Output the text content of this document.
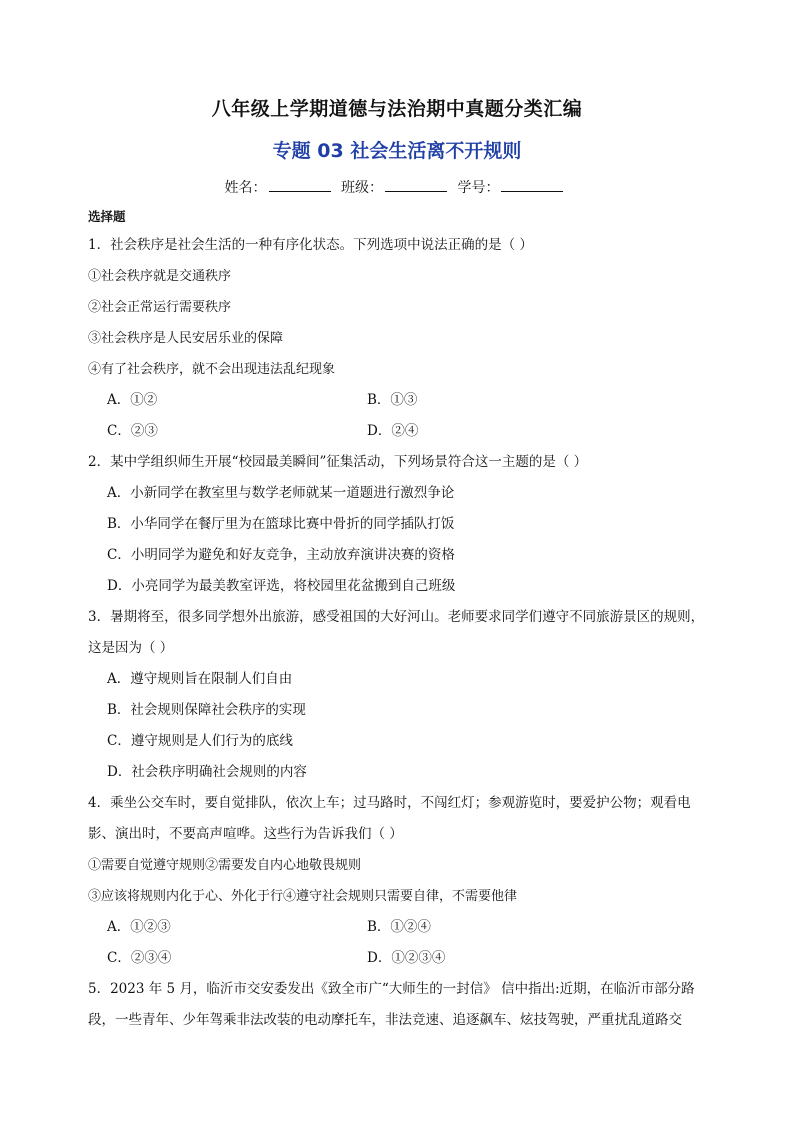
八年级上学期道德与法治期中真题分类汇编
专题 03 社会生活离不开规则
姓名：	班级：	学号：
选择题
1．社会秩序是社会生活的一种有序化状态。下列选项中说法正确的是（ ）
①社会秩序就是交通秩序
②社会正常运行需要秩序
③社会秩序是人民安居乐业的保障
④有了社会秩序，就不会出现违法乱纪现象
A．①②	B．①③
C．②③	D．②④
2．某中学组织师生开展“校园最美瞬间”征集活动，下列场景符合这一主题的是（ ）
A．小新同学在教室里与数学老师就某一道题进行激烈争论
B．小华同学在餐厅里为在篮球比赛中骨折的同学插队打饭
C．小明同学为避免和好友竞争，主动放弃演讲决赛的资格
D．小亮同学为最美教室评选，将校园里花盆搬到自己班级
3．暑期将至，很多同学想外出旅游，感受祖国的大好河山。老师要求同学们遵守不同旅游景区的规则，
这是因为（ ）
A．遵守规则旨在限制人们自由
B．社会规则保障社会秩序的实现
C．遵守规则是人们行为的底线
D．社会秩序明确社会规则的内容
4．乘坐公交车时，要自觉排队，依次上车；过马路时，不闯红灯；参观游览时，要爱护公物；观看电
影、演出时，不要高声喧哗。这些行为告诉我们（ ）
①需要自觉遵守规则②需要发自内心地敬畏规则
③应该将规则内化于心、外化于行④遵守社会规则只需要自律，不需要他律
A．①②③	B．①②④
C．②③④	D．①②③④
5．2023 年 5 月，临沂市交安委发出《致全市广“大师生的一封信》 信中指出:近期，在临沂市部分路
段，一些青年、少年驾乘非法改装的电动摩托车，非法竞速、追逐飙车、炫技驾驶，严重扰乱道路交
